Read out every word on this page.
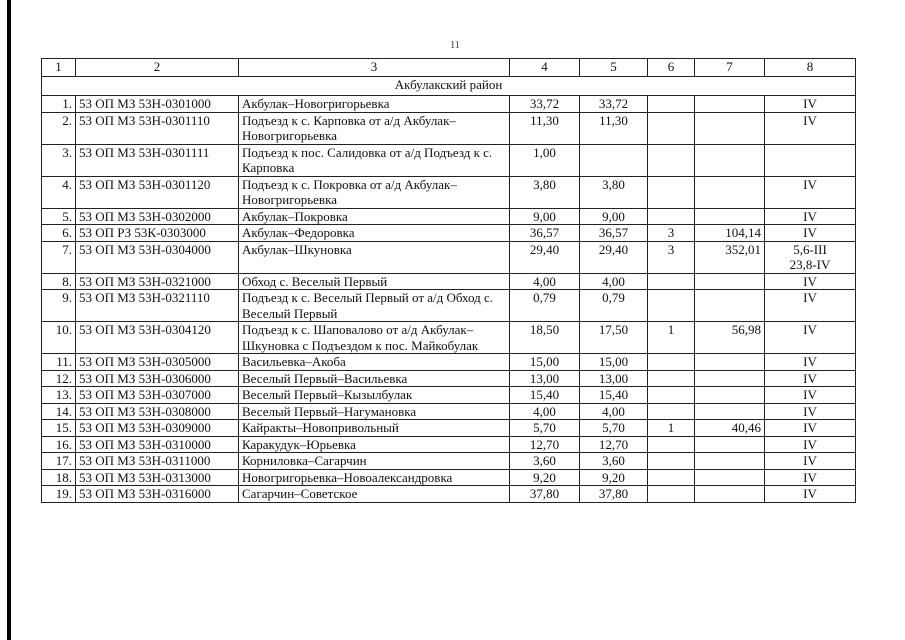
11
1	2	3	4	5	6	7	8
Акбулакский район							
1.	53 ОП МЗ 53Н-0301000	Акбулак–Новогригорьевка	33,72	33,72			IV
2.	53 ОП МЗ 53Н-0301110	Подъезд к с. Карповка от а/д Акбулак–Новогригорьевка	11,30	11,30			IV
3.	53 ОП МЗ 53Н-0301111	Подъезд к пос. Салидовка от а/д Подъезд к с. Карповка	1,00				
4.	53 ОП МЗ 53Н-0301120	Подъезд к с. Покровка от а/д Акбулак–Новогригорьевка	3,80	3,80			IV
5.	53 ОП МЗ 53Н-0302000	Акбулак–Покровка	9,00	9,00			IV
6.	53 ОП РЗ 53К-0303000	Акбулак–Федоровка	36,57	36,57	3	104,14	IV
7.	53 ОП МЗ 53Н-0304000	Акбулак–Шкуновка	29,40	29,40	3	352,01	5,6-III
23,8-IV
8.	53 ОП МЗ 53Н-0321000	Обход с. Веселый Первый	4,00	4,00			IV
9.	53 ОП МЗ 53Н-0321110	Подъезд к с. Веселый Первый от а/д Обход с. Веселый Первый	0,79	0,79			IV
10.	53 ОП МЗ 53Н-0304120	Подъезд к с. Шаповалово от а/д Акбулак–Шкуновка с Подъездом к пос. Майкобулак	18,50	17,50	1	56,98	IV
11.	53 ОП МЗ 53Н-0305000	Васильевка–Акоба	15,00	15,00			IV
12.	53 ОП МЗ 53Н-0306000	Веселый Первый–Васильевка	13,00	13,00			IV
13.	53 ОП МЗ 53Н-0307000	Веселый Первый–Кызылбулак	15,40	15,40			IV
14.	53 ОП МЗ 53Н-0308000	Веселый Первый–Нагумановка	4,00	4,00			IV
15.	53 ОП МЗ 53Н-0309000	Кайракты–Новопривольный	5,70	5,70	1	40,46	IV
16.	53 ОП МЗ 53Н-0310000	Каракудук–Юрьевка	12,70	12,70			IV
17.	53 ОП МЗ 53Н-0311000	Корниловка–Сагарчин	3,60	3,60			IV
18.	53 ОП МЗ 53Н-0313000	Новогригорьевка–Новоалександровка	9,20	9,20			IV
19.	53 ОП МЗ 53Н-0316000	Сагарчин–Советское	37,80	37,80			IV
